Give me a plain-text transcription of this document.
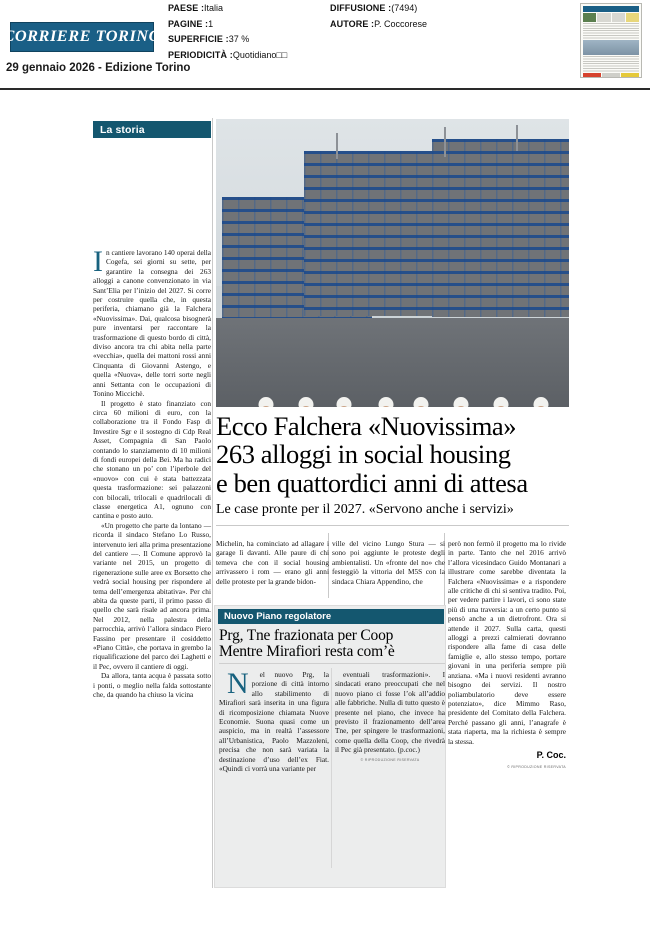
CORRIERE TORINO
29 gennaio 2026 - Edizione Torino
PAESE :Italia
PAGINE :1
SUPERFICIE :37 %
PERIODICITÀ :Quotidiano□□
DIFFUSIONE :(7494)
AUTORE :P. Coccorese
La storia
Ecco Falchera «Nuovissima»
263 alloggi in social housing
e ben quattordici anni di attesa
Le case pronte per il 2027. «Servono anche i servizi»

In cantiere lavorano 140 operai della Cogefa, sei giorni su sette, per garantire la consegna dei 263 alloggi a canone convenzionato in via Sant’Elia per l’inizio del 2027. Si corre per costruire quella che, in questa periferia, chiamano già la Falchera «Nuovissima». Dai, qualcosa bisognerà pure inventarsi per raccontare la trasformazione di questo bordo di città, diviso ancora tra chi abita nella parte «vecchia», quella dei mattoni rossi anni Cinquanta di Giovanni Astengo, e quella «Nuova», delle torri sorte negli anni Settanta con le occupazioni di Tonino Miccichè.

Il progetto è stato finanziato con circa 60 milioni di euro, con la collaborazione tra il Fondo Fasp di Investire Sgr e il sostegno di Cdp Real Asset, Compagnia di San Paolo contando lo stanziamento di 10 milioni di fondi europei della Bei. Ma ha radici che stonano un po’ con l’iperbole del «nuovo» con cui è stata battezzata questa trasformazione: sei palazzoni con bilocali, trilocali e quadrilocali di classe energetica A1, ognuno con cantina e posto auto.

«Un progetto che parte da lontano — ricorda il sindaco Stefano Lo Russo, intervenuto ieri alla prima presentazione del cantiere —. Il Comune approvò la variante nel 2015, un progetto di rigenerazione sulle aree ex Borsetto che vedrà social housing per rispondere al tema dell’emergenza abitativa». Per chi abita da queste parti, il primo passo di quello che sarà risale ad ancora prima. Nel 2012, nella palestra della parrocchia, arrivò l’allora sindaco Piero Fassino per presentare il cosiddetto «Piano Città», che portava in grembo la riqualificazione del parco dei Laghetti e il Pec, ovvero il cantiere di oggi.

Da allora, tanta acqua è passata sotto i ponti, o meglio nella falda sottostante che, da quando ha chiuso la vicina

Michelin, ha cominciato ad allagare i garage lì davanti. Alle paure di chi temeva che con il social housing arrivassero i rom — erano gli anni delle proteste per la grande bidon-

ville del vicino Lungo Stura — si sono poi aggiunte le proteste degli ambientalisti. Un «fronte del no» che festeggiò la vittoria del M5S con la sindaca Chiara Appendino, che

però non fermò il progetto ma lo rivide in parte. Tanto che nel 2016 arrivò l’allora vicesindaco Guido Montanari a illustrare come sarebbe diventata la Falchera «Nuovissima» e a rispondere alle critiche di chi si sentiva tradito. Poi, per vedere partire i lavori, ci sono state più di una traversia: a un certo punto si pensò anche a un dietrofront. Ora si attende il 2027. Sulla carta, questi alloggi a prezzi calmierati dovranno rispondere alla fame di casa delle famiglie e, allo stesso tempo, portare giovani in una periferia sempre più anziana. «Ma i nuovi residenti avranno bisogno dei servizi. Il nostro poliambulatorio deve essere potenziato», dice Mimmo Raso, presidente del Comitato della Falchera. Perché passano gli anni, l’anagrafe è stata riaperta, ma la richiesta è sempre la stessa.

P. Coc.
© RIPRODUZIONE RISERVATA
Nuovo Piano regolatore
Prg, Tne frazionata per Coop
Mentre Mirafiori resta com’è

N	el nuovo Prg, la porzione di città intorno allo stabilimento di Mirafiori sarà inserita in una figura di ricomposizione chiamata Nuove Economie. Suona quasi come un auspicio, ma in realtà l’assessore all’Urbanistica, Paolo Mazzoleni, precisa che non sarà variata la destinazione d’uso dell’ex Fiat. «Quindi ci vorrà una variante per

eventuali trasformazioni». I sindacati erano preoccupati che nel nuovo piano ci fosse l’ok all’addio alle fabbriche. Nulla di tutto questo è presente nel piano, che invece ha previsto il frazionamento dell’area Tne, per spingere le trasformazioni, come quella della Coop, che rivedrà il Pec già presentato. (p.coc.)

© RIPRODUZIONE RISERVATA
